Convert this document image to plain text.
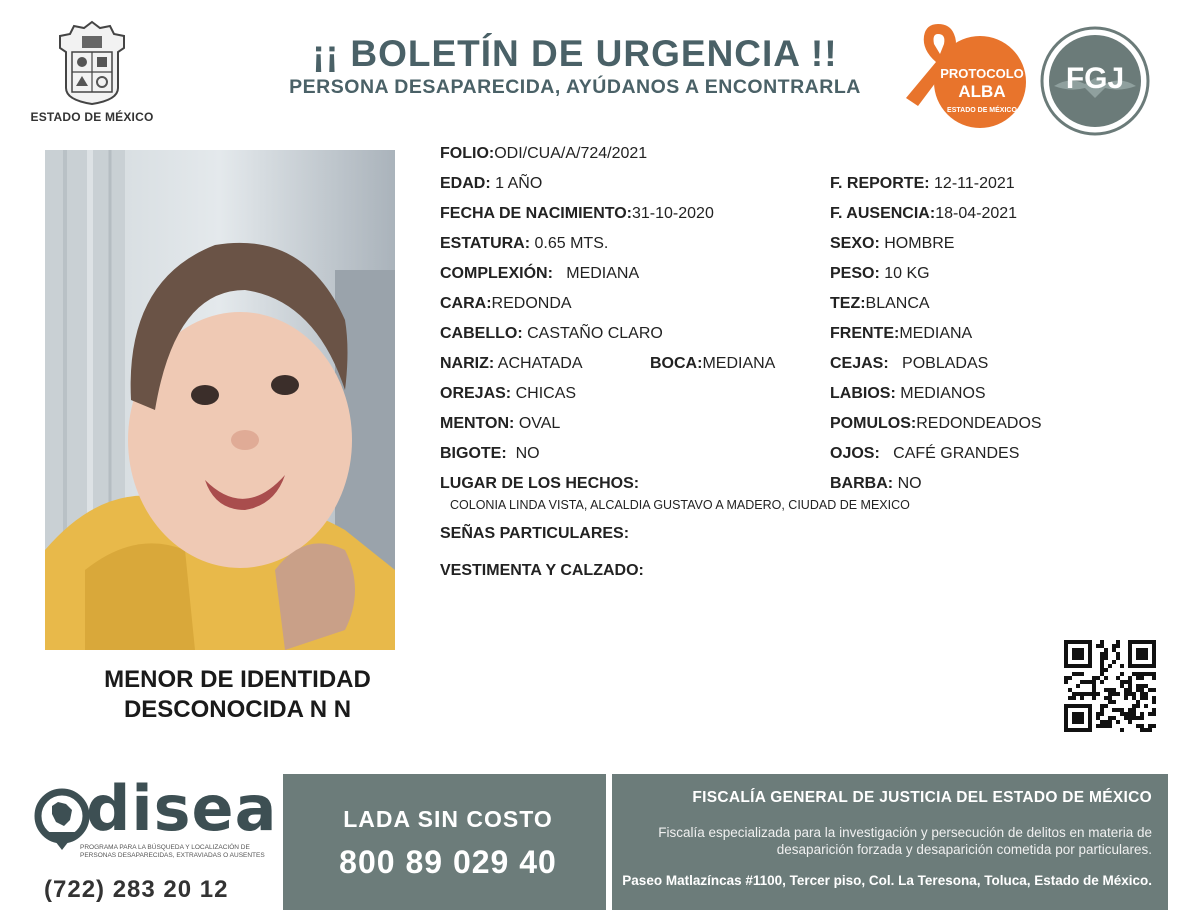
ESTADO DE MÉXICO
¡¡ BOLETÍN DE URGENCIA !!
PERSONA DESAPARECIDA, AYÚDANOS A ENCONTRARLA
PROTOCOLO
ALBA
ESTADO DE MÉXICO
FGJ
MENOR DE IDENTIDAD
DESCONOCIDA N N
FOLIO:ODI/CUA/A/724/2021
EDAD: 1 AÑO	F. REPORTE: 12-11-2021
FECHA DE NACIMIENTO:31-10-2020	F. AUSENCIA:18-04-2021
ESTATURA: 0.65 MTS.	SEXO: HOMBRE
COMPLEXIÓN: MEDIANA	PESO: 10 KG
CARA:REDONDA	TEZ:BLANCA
CABELLO: CASTAÑO CLARO	FRENTE:MEDIANA
NARIZ: ACHATADA	BOCA:MEDIANA	CEJAS: POBLADAS
OREJAS: CHICAS	LABIOS: MEDIANOS
MENTON: OVAL	POMULOS:REDONDEADOS
BIGOTE: NO	OJOS: CAFÉ GRANDES
LUGAR DE LOS HECHOS:	BARBA: NO
COLONIA LINDA VISTA, ALCALDIA GUSTAVO A MADERO, CIUDAD DE MEXICO
SEÑAS PARTICULARES:
VESTIMENTA Y CALZADO:
disea
PROGRAMA PARA LA BÚSQUEDA Y LOCALIZACIÓN DE PERSONAS DESAPARECIDAS, EXTRAVIADAS O AUSENTES
(722) 283 20 12
LADA SIN COSTO
800 89 029 40
FISCALÍA GENERAL DE JUSTICIA DEL ESTADO DE MÉXICO
Fiscalía especializada para la investigación y persecución de delitos en materia de desaparición forzada y desaparición cometida por particulares.
Paseo Matlazíncas #1100, Tercer piso, Col. La Teresona, Toluca, Estado de México.
